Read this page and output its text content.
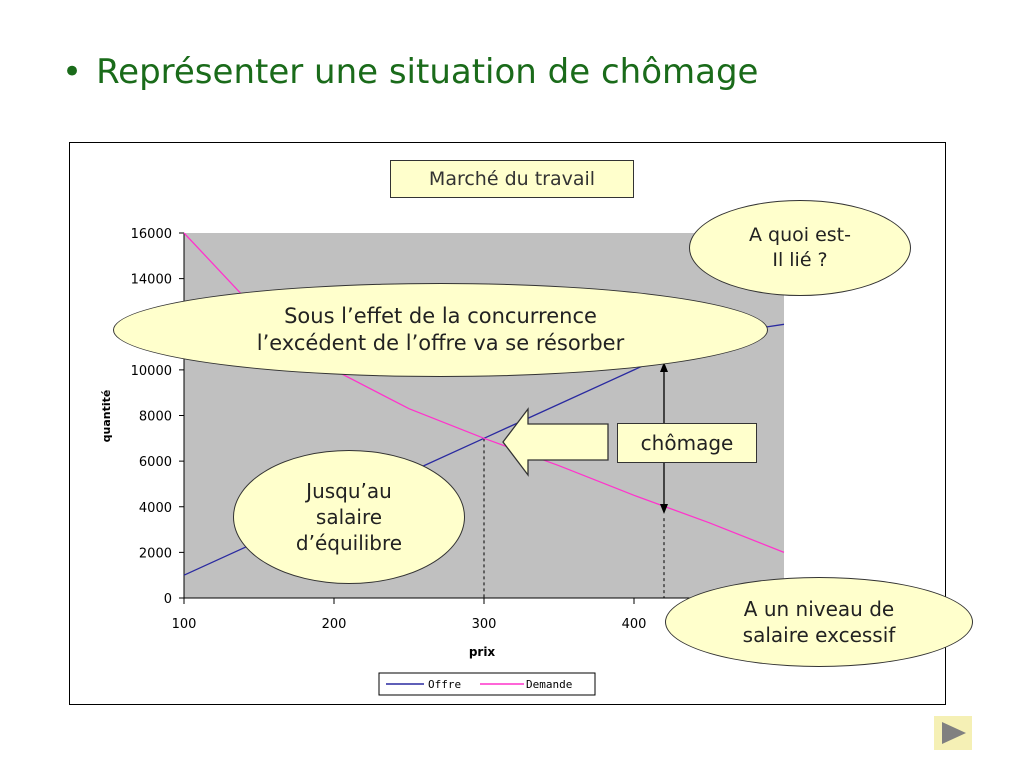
• Représenter une situation de chômage
0
2000
4000
6000
8000
10000
14000
16000
100	200	300	400
quantité
prix
Offre	Demande
Marché du travail
A quoi est-
Il lié ?
Sous l’effet de la concurrence
l’excédent de l’offre va se résorber
Jusqu’au
salaire
d’équilibre
chômage
A un niveau de
salaire excessif
